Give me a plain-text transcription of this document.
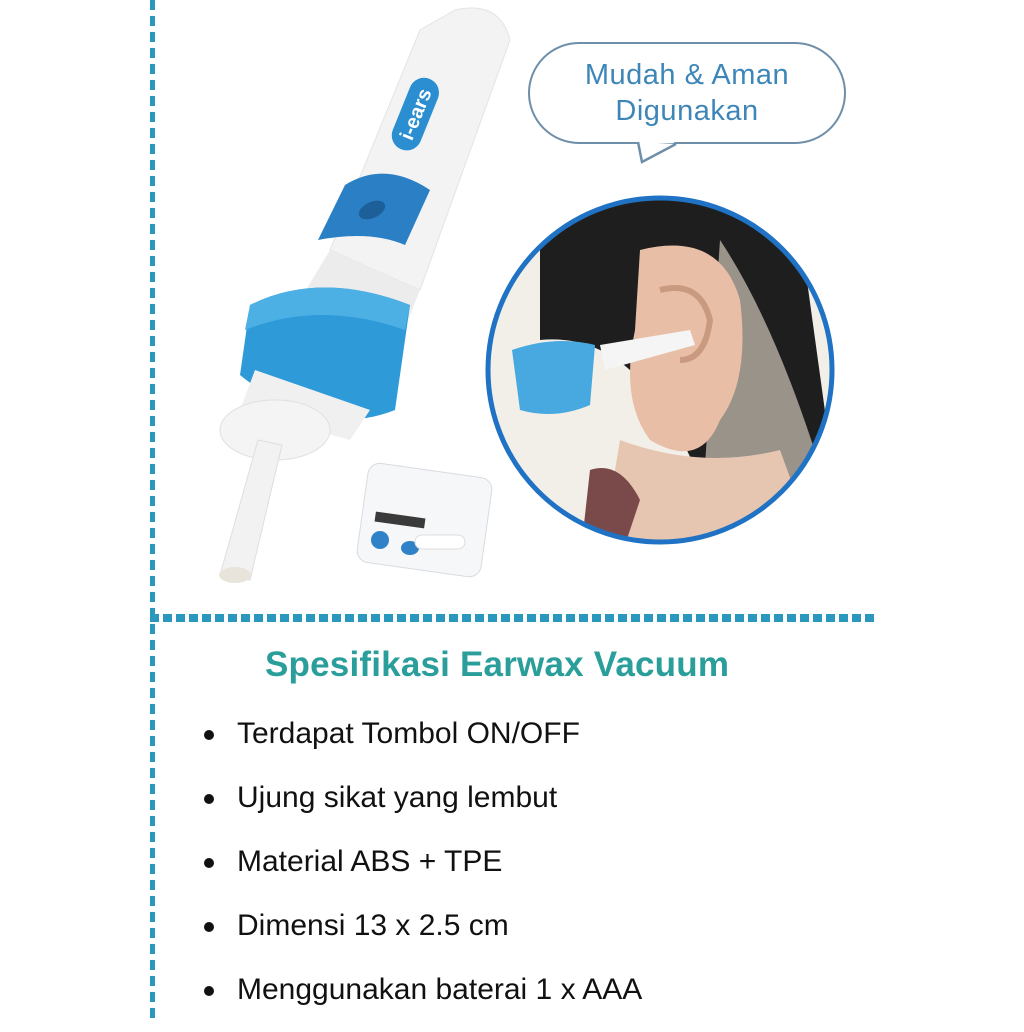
i-ears
Mudah & Aman
Digunakan
Spesifikasi Earwax Vacuum
Terdapat Tombol ON/OFF
Ujung sikat yang lembut
Material ABS + TPE
Dimensi 13 x 2.5 cm
Menggunakan baterai 1 x AAA
